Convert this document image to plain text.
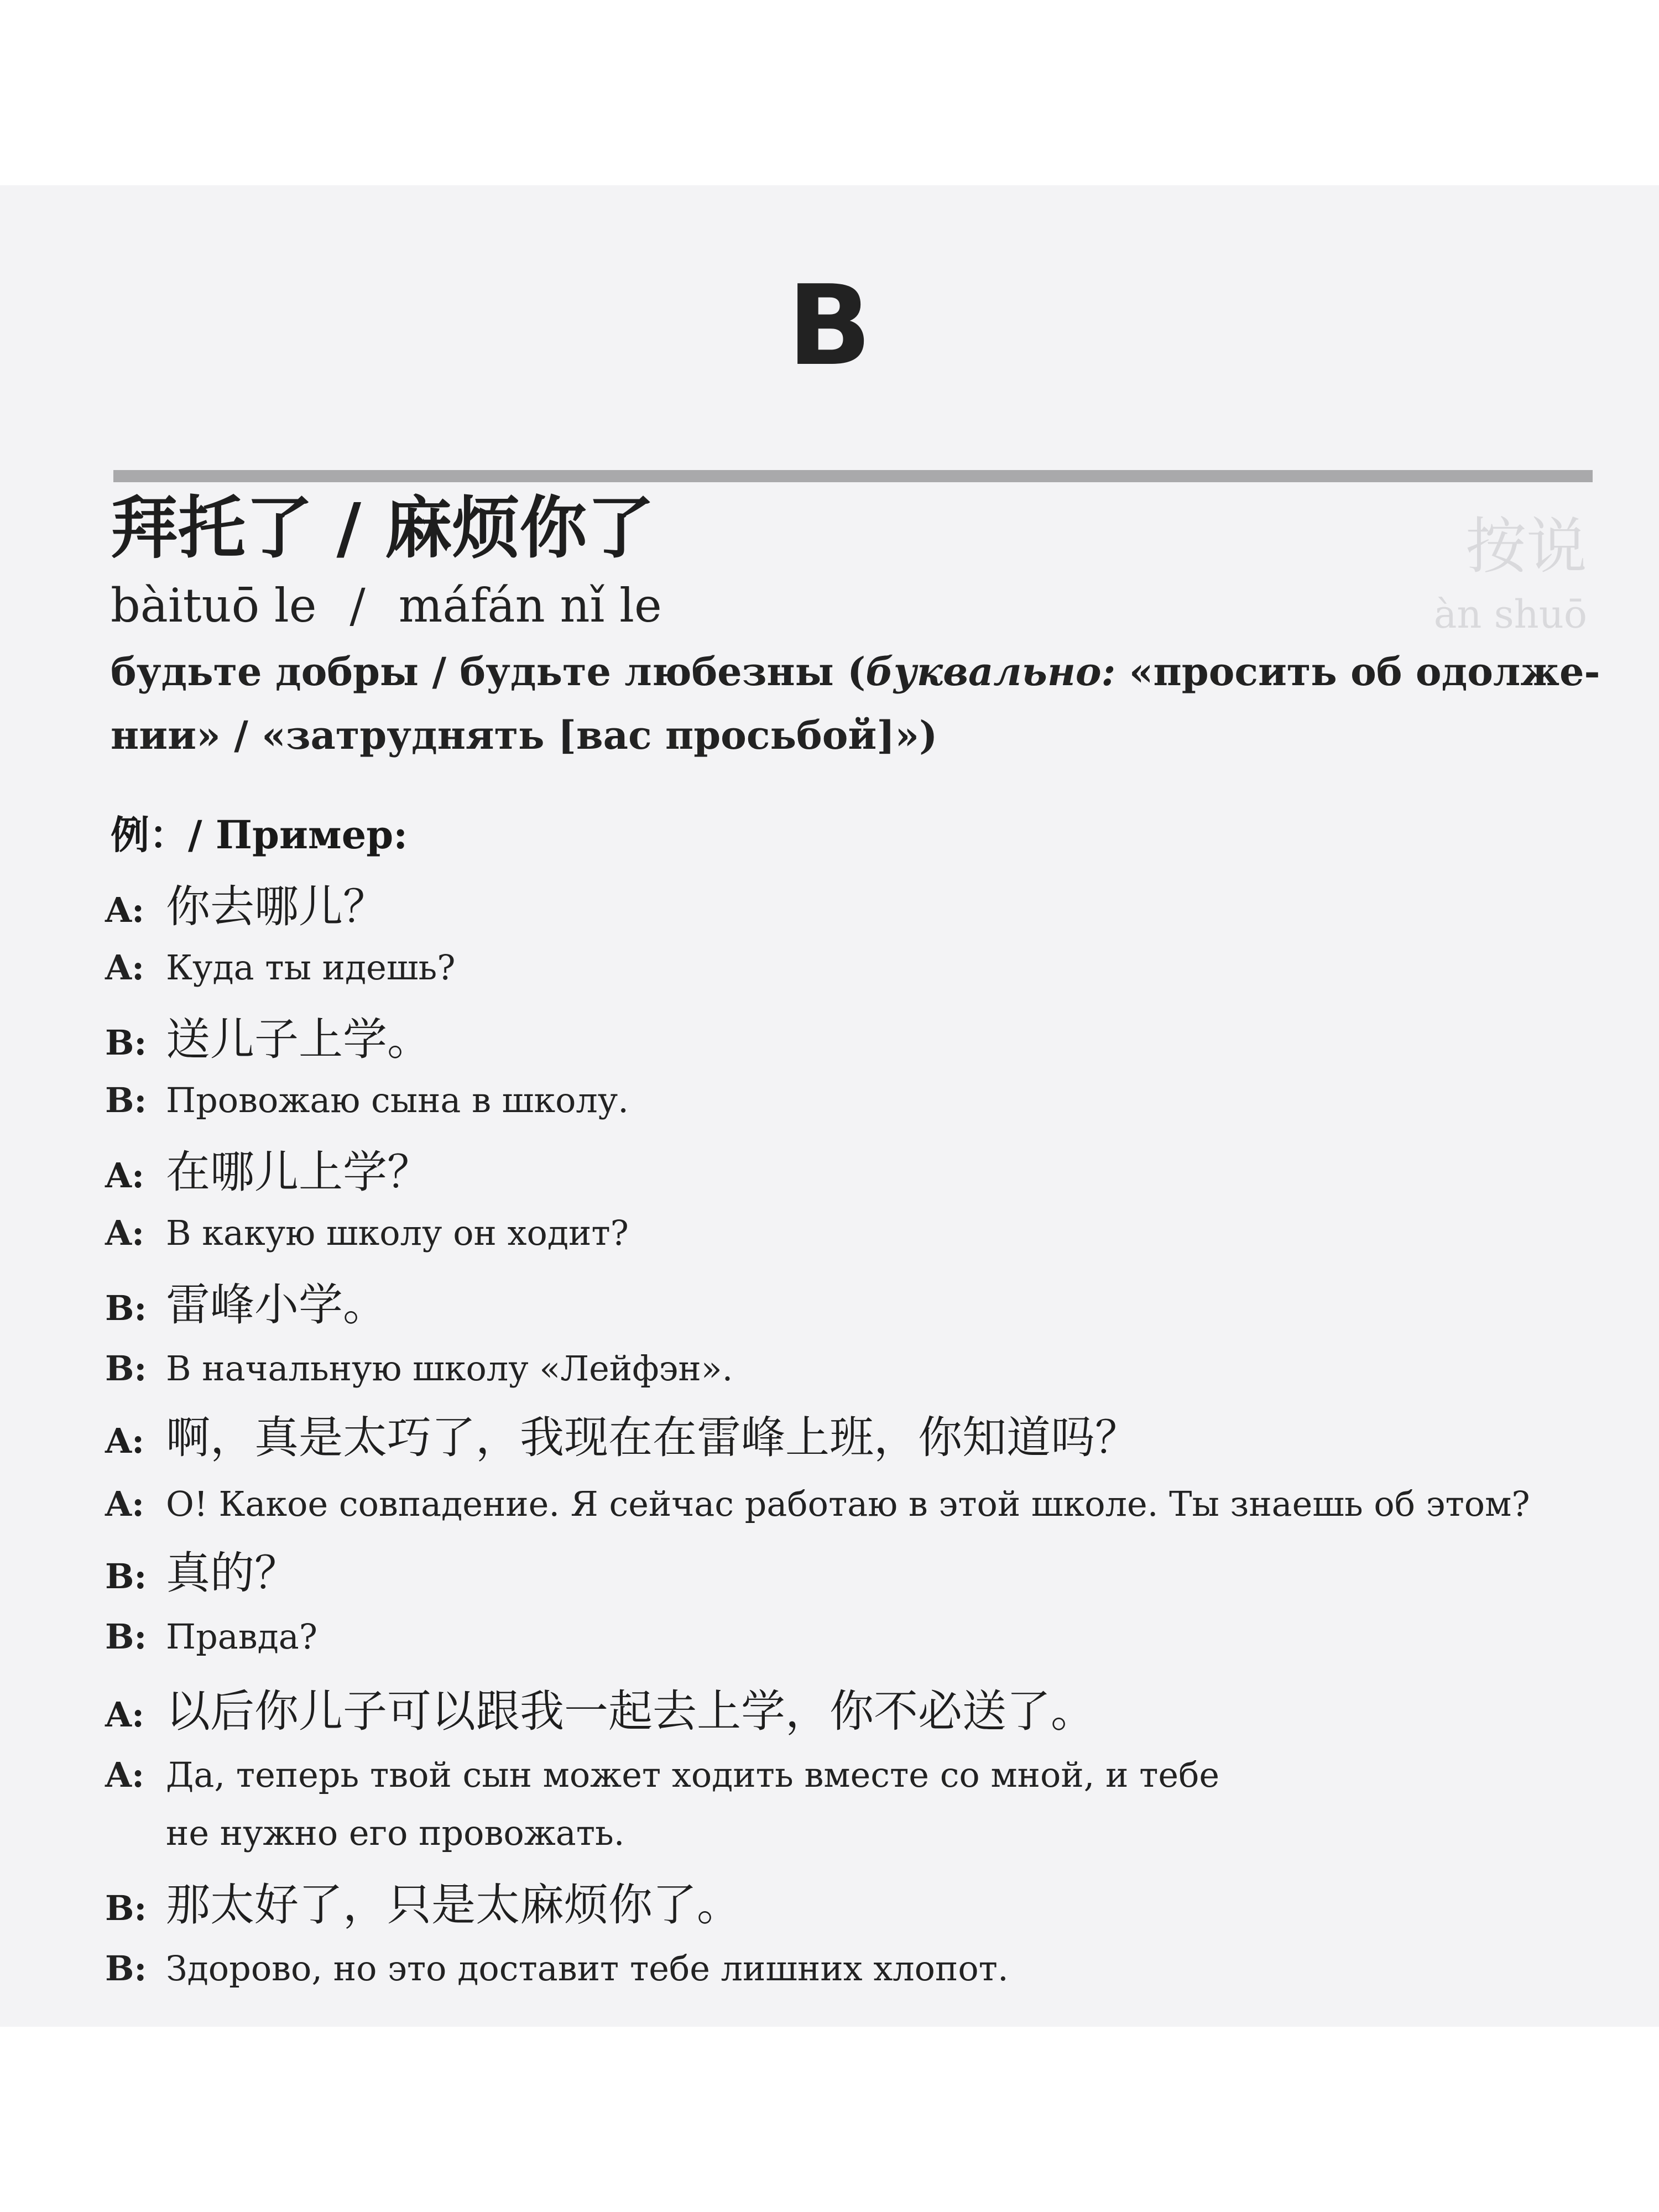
按说
àn shuō
B
拜托了 / 麻烦你了
bàituō le / máfán nǐ le
будьте добры / будьте любезны (буквально: «просить об одолже-
нии» / «затруднять [вас просьбой]»)
例：/ Пример:
A: 你去哪儿？
A: Куда ты идешь?
B: 送儿子上学。
B: Провожаю сына в школу.
A: 在哪儿上学？
A: В какую школу он ходит?
B: 雷峰小学。
B: В начальную школу «Лейфэн».
A: 啊，真是太巧了，我现在在雷峰上班，你知道吗？
A: О! Какое совпадение. Я сейчас работаю в этой школе. Ты знаешь об этом?
B: 真的？
B: Правда?
A: 以后你儿子可以跟我一起去上学，你不必送了。
A: Да, теперь твой сын может ходить вместе со мной, и тебе
не нужно его провожать.
B: 那太好了，只是太麻烦你了。
B: Здорово, но это доставит тебе лишних хлопот.
